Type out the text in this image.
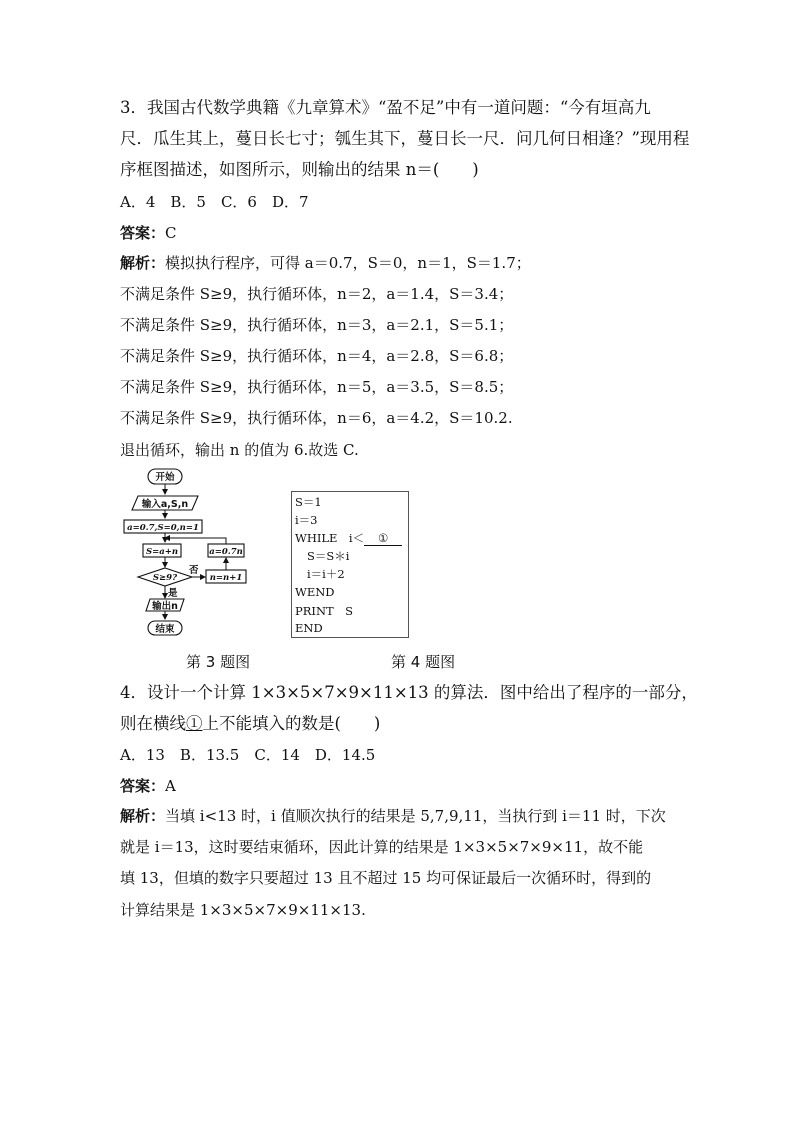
3．我国古代数学典籍《九章算术》“盈不足”中有一道问题：“今有垣高九
尺．瓜生其上，蔓日长七寸；瓠生其下，蔓日长一尺．问几何日相逢？”现用程
序框图描述，如图所示，则输出的结果 n＝(　　)
A．4　B．5　C．6　D．7
答案：C
解析：模拟执行程序，可得 a＝0.7，S＝0，n＝1，S＝1.7；
不满足条件 S≥9，执行循环体，n＝2，a＝1.4，S＝3.4；
不满足条件 S≥9，执行循环体，n＝3，a＝2.1，S＝5.1；
不满足条件 S≥9，执行循环体，n＝4，a＝2.8，S＝6.8；
不满足条件 S≥9，执行循环体，n＝5，a＝3.5，S＝8.5；
不满足条件 S≥9，执行循环体，n＝6，a＝4.2，S＝10.2.
退出循环，输出 n 的值为 6.故选 C.
开始
输入a,S,n
a=0.7,S=0,n=1
S=a+n
S≥9?
否
n=n+1
a=0.7n
是
输出n
结束
S＝1
i＝3
WHILE　i＜ ①
S＝S＊i
i＝i＋2
WEND
PRINT　S
END
第 3 题图	第 4 题图
4．设计一个计算 1×3×5×7×9×11×13 的算法．图中给出了程序的一部分，
则在横线①上不能填入的数是(　　)
A．13　B．13.5　C．14　D．14.5
答案：A
解析：当填 i<13 时，i 值顺次执行的结果是 5,7,9,11，当执行到 i＝11 时，下次
就是 i＝13，这时要结束循环，因此计算的结果是 1×3×5×7×9×11，故不能
填 13，但填的数字只要超过 13 且不超过 15 均可保证最后一次循环时，得到的
计算结果是 1×3×5×7×9×11×13.
